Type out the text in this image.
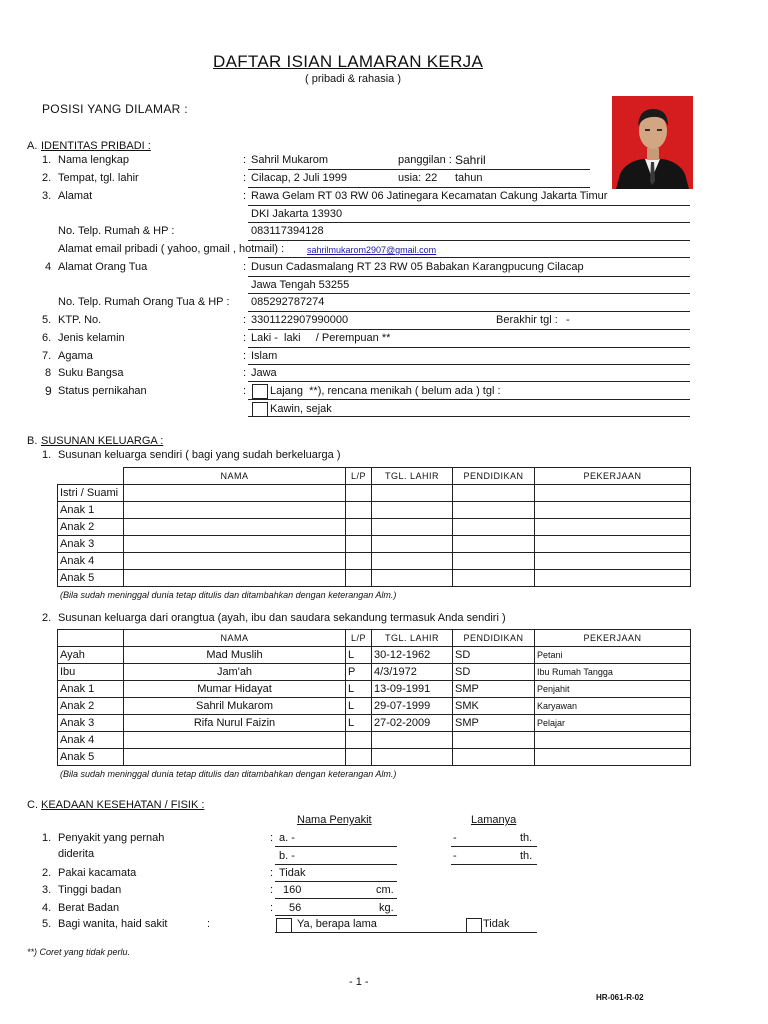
DAFTAR ISIAN LAMARAN KERJA
( pribadi & rahasia )
POSISI YANG DILAMAR :
A. IDENTITAS PRIBADI :
1. Nama lengkap	: Sahril Mukarom	panggilan : Sahril
2. Tempat, tgl. lahir	: Cilacap, 2 Juli 1999	usia: 22 tahun
3. Alamat	: Rawa Gelam RT 03 RW 06 Jatinegara Kecamatan Cakung Jakarta Timur
DKI Jakarta 13930
No. Telp. Rumah & HP :	083117394128
Alamat email pribadi ( yahoo, gmail , hotmail) :	sahrilmukarom2907@gmail.com
4 Alamat Orang Tua	: Dusun Cadasmalang RT 23 RW 05 Babakan Karangpucung Cilacap
Jawa Tengah 53255
No. Telp. Rumah Orang Tua & HP : 085292787274
5. KTP. No.	: 3301122907990000	Berakhir tgl : -
6. Jenis kelamin	: Laki -  laki     / Perempuan **
7. Agama	: Islam
8 Suku Bangsa	: Jawa
9 Status pernikahan	: Lajang  **), rencana menikah ( belum ada ) tgl :
Kawin, sejak
B. SUSUNAN KELUARGA :
1. Susunan keluarga sendiri ( bagi yang sudah berkeluarga )
	NAMA	L/P	TGL. LAHIR	PENDIDIKAN	PEKERJAAN
Istri / Suami					
Anak 1					
Anak 2					
Anak 3					
Anak 4					
Anak 5					
(Bila sudah meninggal dunia tetap ditulis dan ditambahkan dengan keterangan Alm.)
2. Susunan keluarga dari orangtua (ayah, ibu dan saudara sekandung termasuk Anda sendiri )
	NAMA	L/P	TGL. LAHIR	PENDIDIKAN	PEKERJAAN
Ayah	Mad Muslih	L	30-12-1962	SD	Petani
Ibu	Jam'ah	P	4/3/1972	SD	Ibu Rumah Tangga
Anak 1	Mumar Hidayat	L	13-09-1991	SMP	Penjahit
Anak 2	Sahril Mukarom	L	29-07-1999	SMK	Karyawan
Anak 3	Rifa Nurul Faizin	L	27-02-2009	SMP	Pelajar
Anak 4					
Anak 5					
(Bila sudah meninggal dunia tetap ditulis dan ditambahkan dengan keterangan Alm.)
C. KEADAAN KESEHATAN / FISIK :
Nama Penyakit	Lamanya
1. Penyakit yang pernah
diderita
: a. -	-	th.
b. -	-	th.
2. Pakai kacamata	: Tidak
3. Tinggi badan	: 160	cm.
4. Berat Badan	: 56	kg.
5. Bagi wanita, haid sakit	:	Ya, berapa lama	Tidak
**) Coret yang tidak perlu.
- 1 -
HR-061-R-02
